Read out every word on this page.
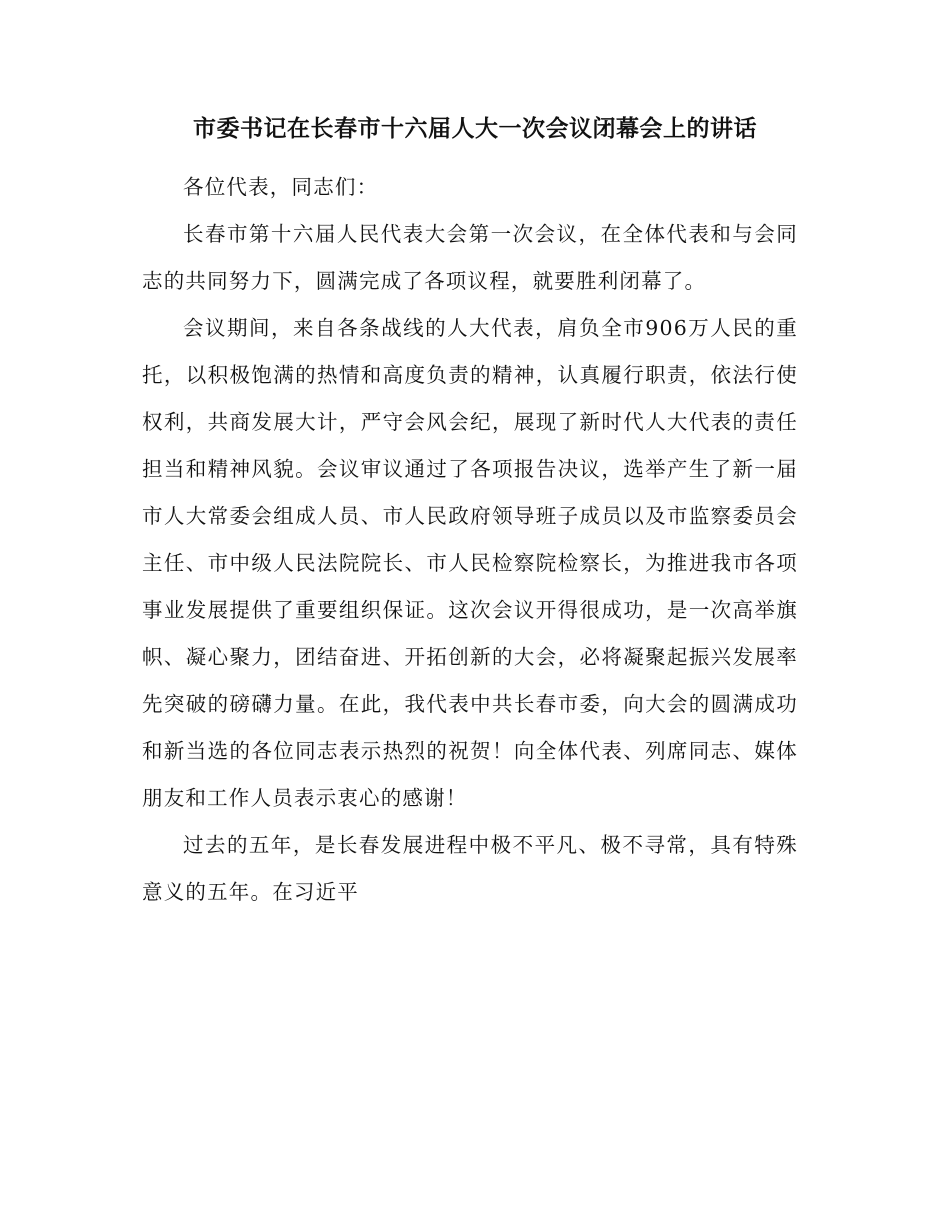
市委书记在长春市十六届人大一次会议闭幕会上的讲话

各位代表，同志们：

长春市第十六届人民代表大会第一次会议，在全体代表和与会同志的共同努力下，圆满完成了各项议程，就要胜利闭幕了。

会议期间，来自各条战线的人大代表，肩负全市906万人民的重托，以积极饱满的热情和高度负责的精神，认真履行职责，依法行使权利，共商发展大计，严守会风会纪，展现了新时代人大代表的责任担当和精神风貌。会议审议通过了各项报告决议，选举产生了新一届市人大常委会组成人员、市人民政府领导班子成员以及市监察委员会主任、市中级人民法院院长、市人民检察院检察长，为推进我市各项事业发展提供了重要组织保证。这次会议开得很成功，是一次高举旗帜、凝心聚力，团结奋进、开拓创新的大会，必将凝聚起振兴发展率先突破的磅礴力量。在此，我代表中共长春市委，向大会的圆满成功和新当选的各位同志表示热烈的祝贺！向全体代表、列席同志、媒体朋友和工作人员表示衷心的感谢！

过去的五年，是长春发展进程中极不平凡、极不寻常，具有特殊意义的五年。在习近平
